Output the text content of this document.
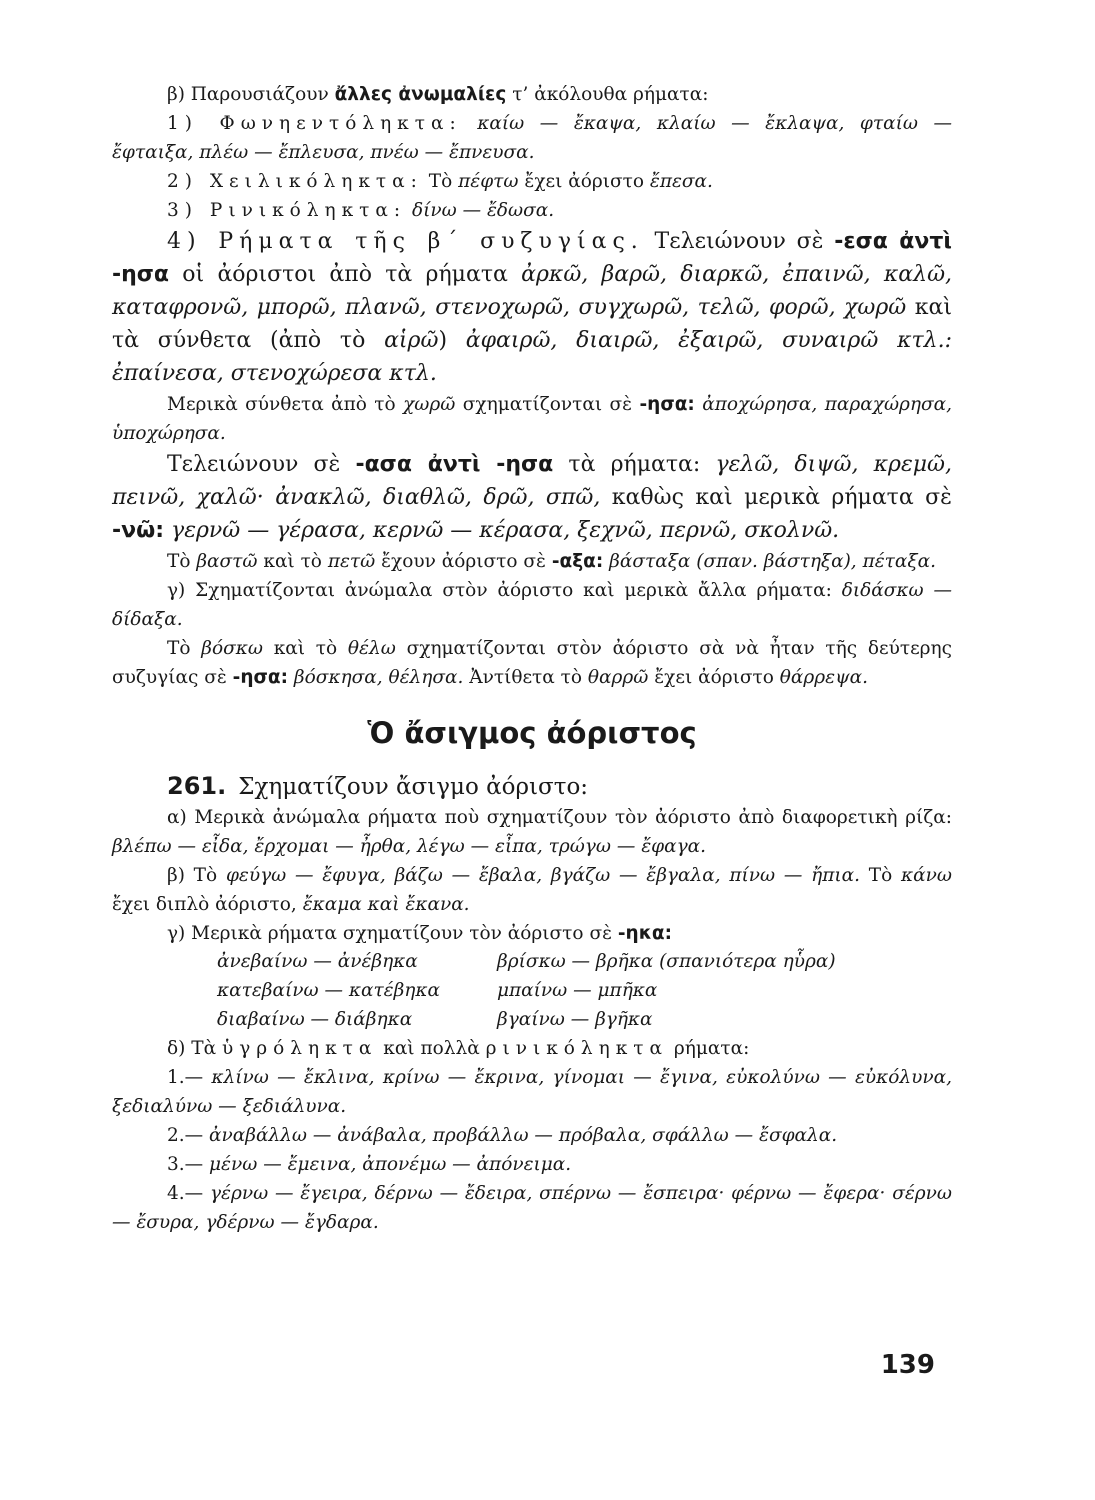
β) Παρουσιάζουν ἄλλες ἀνωμαλίες τ’ ἀκόλουθα ρήματα:

1) Φωνηεντόληκτα: καίω — ἔκαψα, κλαίω — ἔκλαψα, φταίω — ἔφταιξα, πλέω — ἔπλευσα, πνέω — ἔπνευσα.

2) Χειλικόληκτα: Τὸ πέφτω ἔχει ἀόριστο ἔπεσα.

3) Ρινικόληκτα: δίνω — ἔδωσα.

4) Ρήματα τῆς β΄ συζυγίας. Τελειώνουν σὲ -εσα ἀντὶ -ησα οἱ ἀόριστοι ἀπὸ τὰ ρήματα ἀρκῶ, βαρῶ, διαρκῶ, ἐπαινῶ, καλῶ, καταφρονῶ, μπορῶ, πλανῶ, στενοχωρῶ, συγχωρῶ, τελῶ, φορῶ, χωρῶ καὶ τὰ σύνθετα (ἀπὸ τὸ αἱρῶ) ἀφαιρῶ, διαιρῶ, ἐξαιρῶ, συναιρῶ κτλ.: ἐπαίνεσα, στενοχώρεσα κτλ.

Μερικὰ σύνθετα ἀπὸ τὸ χωρῶ σχηματίζονται σὲ -ησα: ἀποχώρησα, παραχώρησα, ὑποχώρησα.

Τελειώνουν σὲ -ασα ἀντὶ -ησα τὰ ρήματα: γελῶ, διψῶ, κρεμῶ, πεινῶ, χαλῶ· ἀνακλῶ, διαθλῶ, δρῶ, σπῶ, καθὼς καὶ μερικὰ ρήματα σὲ -νῶ: γερνῶ — γέρασα, κερνῶ — κέρασα, ξεχνῶ, περνῶ, σκολνῶ.

Τὸ βαστῶ καὶ τὸ πετῶ ἔχουν ἀόριστο σὲ -αξα: βάσταξα (σπαν. βάστηξα), πέταξα.

γ) Σχηματίζονται ἀνώμαλα στὸν ἀόριστο καὶ μερικὰ ἄλλα ρήματα: διδάσκω — δίδαξα.

Τὸ βόσκω καὶ τὸ θέλω σχηματίζονται στὸν ἀόριστο σὰ νὰ ἦταν τῆς δεύτερης συζυγίας σὲ -ησα: βόσκησα, θέλησα. Ἀντίθετα τὸ θαρρῶ ἔχει ἀόριστο θάρρεψα.

Ὁ ἄσιγμος ἀόριστος

261. Σχηματίζουν ἄσιγμο ἀόριστο:

α) Μερικὰ ἀνώμαλα ρήματα ποὺ σχηματίζουν τὸν ἀόριστο ἀπὸ διαφορετικὴ ρίζα: βλέπω — εἶδα, ἔρχομαι — ἦρθα, λέγω — εἶπα, τρώγω — ἔφαγα.

β) Τὸ φεύγω — ἔφυγα, βάζω — ἔβαλα, βγάζω — ἔβγαλα, πίνω — ἤπια. Τὸ κάνω ἔχει διπλὸ ἀόριστο, ἔκαμα καὶ ἔκανα.

γ) Μερικὰ ρήματα σχηματίζουν τὸν ἀόριστο σὲ -ηκα:

ἀνεβαίνω — ἀνέβηκα	βρίσκω — βρῆκα (σπανιότερα ηὗρα)
κατεβαίνω — κατέβηκα	μπαίνω — μπῆκα
διαβαίνω — διάβηκα	βγαίνω — βγῆκα

δ) Τὰ ὑγρόληκτα καὶ πολλὰ ρινικόληκτα ρήματα:

1.— κλίνω — ἔκλινα, κρίνω — ἔκρινα, γίνομαι — ἔγινα, εὐκολύνω — εὐκόλυνα, ξεδιαλύνω — ξεδιάλυνα.

2.— ἀναβάλλω — ἀνάβαλα, προβάλλω — πρόβαλα, σφάλλω — ἔσφαλα.

3.— μένω — ἔμεινα, ἀπονέμω — ἀπόνειμα.

4.— γέρνω — ἔγειρα, δέρνω — ἔδειρα, σπέρνω — ἔσπειρα· φέρνω — ἔφερα· σέρνω — ἔσυρα, γδέρνω — ἔγδαρα.

139
